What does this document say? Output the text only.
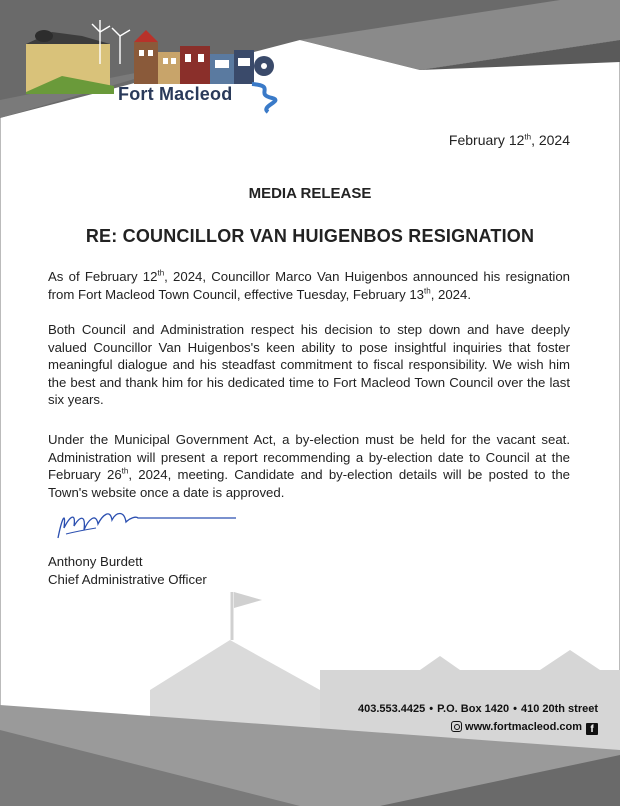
Fort Macleod
February 12th, 2024
MEDIA RELEASE
RE: COUNCILLOR VAN HUIGENBOS RESIGNATION
As of February 12th, 2024, Councillor Marco Van Huigenbos announced his resignation from Fort Macleod Town Council, effective Tuesday, February 13th, 2024.
Both Council and Administration respect his decision to step down and have deeply valued Councillor Van Huigenbos's keen ability to pose insightful inquiries that foster meaningful dialogue and his steadfast commitment to fiscal responsibility. We wish him the best and thank him for his dedicated time to Fort Macleod Town Council over the last six years.
Under the Municipal Government Act, a by-election must be held for the vacant seat. Administration will present a report recommending a by-election date to Council at the February 26th, 2024, meeting. Candidate and by-election details will be posted to the Town's website once a date is approved.
Anthony Burdett
Chief Administrative Officer
403.553.4425 • P.O. Box 1420 • 410 20th street
www.fortmacleod.com f
